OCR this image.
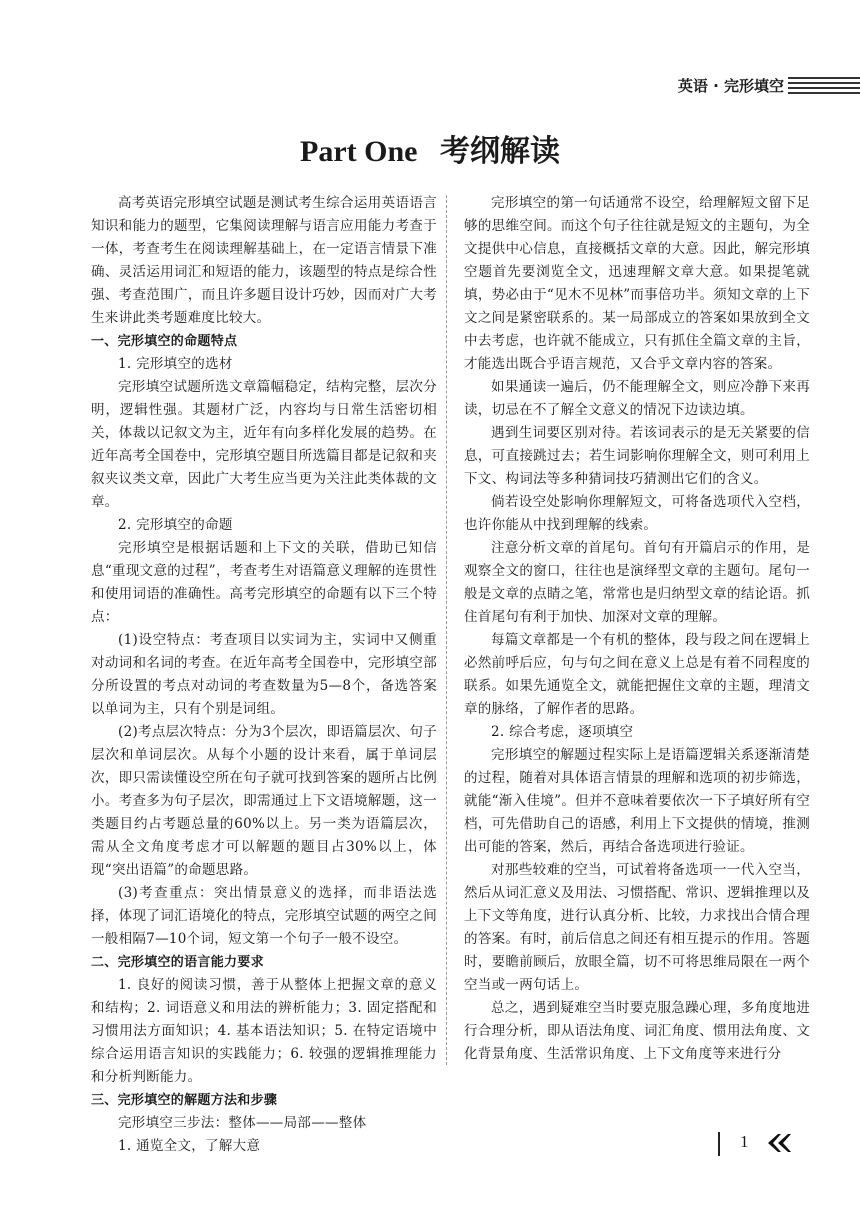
英语 · 完形填空
Part One   考纲解读

高考英语完形填空试题是测试考生综合运用英语语言知识和能力的题型，它集阅读理解与语言应用能力考查于一体，考查考生在阅读理解基础上，在一定语言情景下准确、灵活运用词汇和短语的能力，该题型的特点是综合性强、考查范围广，而且许多题目设计巧妙，因而对广大考生来讲此类考题难度比较大。

一、完形填空的命题特点

1. 完形填空的选材

完形填空试题所选文章篇幅稳定，结构完整，层次分明，逻辑性强。其题材广泛，内容均与日常生活密切相关，体裁以记叙文为主，近年有向多样化发展的趋势。在近年高考全国卷中，完形填空题目所选篇目都是记叙和夹叙夹议类文章，因此广大考生应当更为关注此类体裁的文章。

2. 完形填空的命题

完形填空是根据话题和上下文的关联，借助已知信息“重现文意的过程”，考查考生对语篇意义理解的连贯性和使用词语的准确性。高考完形填空的命题有以下三个特点：

(1)设空特点：考查项目以实词为主，实词中又侧重对动词和名词的考查。在近年高考全国卷中，完形填空部分所设置的考点对动词的考查数量为5—8个，备选答案以单词为主，只有个别是词组。

(2)考点层次特点：分为3个层次，即语篇层次、句子层次和单词层次。从每个小题的设计来看，属于单词层次，即只需读懂设空所在句子就可找到答案的题所占比例小。考查多为句子层次，即需通过上下文语境解题，这一类题目约占考题总量的60%以上。另一类为语篇层次，需从全文角度考虑才可以解题的题目占30%以上，体现“突出语篇”的命题思路。

(3)考查重点：突出情景意义的选择，而非语法选择，体现了词汇语境化的特点，完形填空试题的两空之间一般相隔7—10个词，短文第一个句子一般不设空。

二、完形填空的语言能力要求

1. 良好的阅读习惯，善于从整体上把握文章的意义和结构；2. 词语意义和用法的辨析能力；3. 固定搭配和习惯用法方面知识；4. 基本语法知识；5. 在特定语境中综合运用语言知识的实践能力；6. 较强的逻辑推理能力和分析判断能力。

三、完形填空的解题方法和步骤

完形填空三步法：整体——局部——整体

1. 通览全文，了解大意

完形填空的第一句话通常不设空，给理解短文留下足够的思维空间。而这个句子往往就是短文的主题句，为全文提供中心信息，直接概括文章的大意。因此，解完形填空题首先要浏览全文，迅速理解文章大意。如果提笔就填，势必由于“见木不见林”而事倍功半。须知文章的上下文之间是紧密联系的。某一局部成立的答案如果放到全文中去考虑，也许就不能成立，只有抓住全篇文章的主旨，才能选出既合乎语言规范，又合乎文章内容的答案。

如果通读一遍后，仍不能理解全文，则应冷静下来再读，切忌在不了解全文意义的情况下边读边填。

遇到生词要区别对待。若该词表示的是无关紧要的信息，可直接跳过去；若生词影响你理解全文，则可利用上下文、构词法等多种猜词技巧猜测出它们的含义。

倘若设空处影响你理解短文，可将备选项代入空档，也许你能从中找到理解的线索。

注意分析文章的首尾句。首句有开篇启示的作用，是观察全文的窗口，往往也是演绎型文章的主题句。尾句一般是文章的点睛之笔，常常也是归纳型文章的结论语。抓住首尾句有利于加快、加深对文章的理解。

每篇文章都是一个有机的整体，段与段之间在逻辑上必然前呼后应，句与句之间在意义上总是有着不同程度的联系。如果先通览全文，就能把握住文章的主题，理清文章的脉络，了解作者的思路。

2. 综合考虑，逐项填空

完形填空的解题过程实际上是语篇逻辑关系逐渐清楚的过程，随着对具体语言情景的理解和选项的初步筛选，就能“渐入佳境”。但并不意味着要依次一下子填好所有空档，可先借助自己的语感，利用上下文提供的情境，推测出可能的答案，然后，再结合备选项进行验证。

对那些较难的空当，可试着将备选项一一代入空当，然后从词汇意义及用法、习惯搭配、常识、逻辑推理以及上下文等角度，进行认真分析、比较，力求找出合情合理的答案。有时，前后信息之间还有相互提示的作用。答题时，要瞻前顾后，放眼全篇，切不可将思维局限在一两个空当或一两句话上。

总之，遇到疑难空当时要克服急躁心理，多角度地进行合理分析，即从语法角度、词汇角度、惯用法角度、文化背景角度、生活常识角度、上下文角度等来进行分

1
